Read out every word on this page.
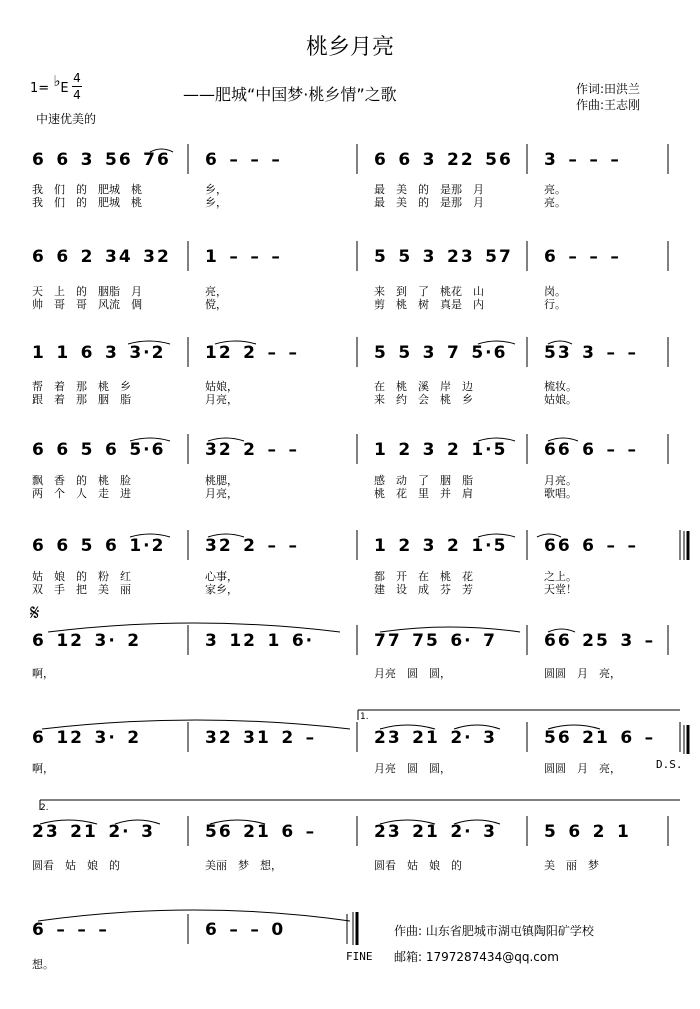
桃乡月亮
1= ♭E
4
4
中速优美的
——肥城“中国梦·桃乡情”之歌	作词:田洪兰
作曲:王志刚
6 6 3 56 76 6 – – –	6 6 3 22 56 3 – – –
我　们　的　肥城　桃	乡，	最　美　的　是那　月	亮。
我　们　的　肥城　桃	乡，	最　美　的　是那　月	亮。
6 6 2 34 32 1 – – –	5 5 3 23 57 6 – – –
天　上　的　胭脂　月	亮，	来　到　了　桃花　山	岗。
帅　哥　哥　风流　倜	傥，	剪　桃　树　真是　内	行。
1 1 6 3 3·2 12 2 – –	5 5 3 7 5·6 53 3 – –
帮　着　那　桃　乡	姑娘，	在　桃　溪　岸　边	梳妆。
跟　着　那　胭　脂	月亮，	来　约　会　桃　乡	姑娘。
6 6 5 6 5·6 32 2 – –	1 2 3 2 1·5 66 6 – –
飘　香　的　桃　脸	桃腮，	感　动　了　胭　脂	月亮。
两　个　人　走　进	月亮，	桃　花　里　并　肩	歌唱。
6 6 5 6 1·2 32 2 – –	1 2 3 2 1·5 66 6 – –
姑　娘　的　粉　红	心事，	都　开　在　桃　花	之上。
双　手　把　美　丽	家乡，	建　设　成　芬　芳	天堂！
6 12 3· 2	3 12 1 6·	77 75 6· 7	66 25 3 –
啊，	月亮　圆　圆，	圆圆　月　亮，
6 12 3· 2	32 31 2 –	23 21 2· 3	56 21 6 –
啊，	月亮　圆　圆，	圆圆　月　亮，
23 21 2· 3	56 21 6 –	23 21 2· 3	5 6 2 1
圆看　姑　娘　的	美丽　梦　想，	圆看　姑　娘　的	美　丽　梦
6 – – –	6 – – 0
想。
𝄋
1.
2.
D.S.
FINE
作曲: 山东省肥城市湖屯镇陶阳矿学校
邮箱: 1797287434@qq.com
